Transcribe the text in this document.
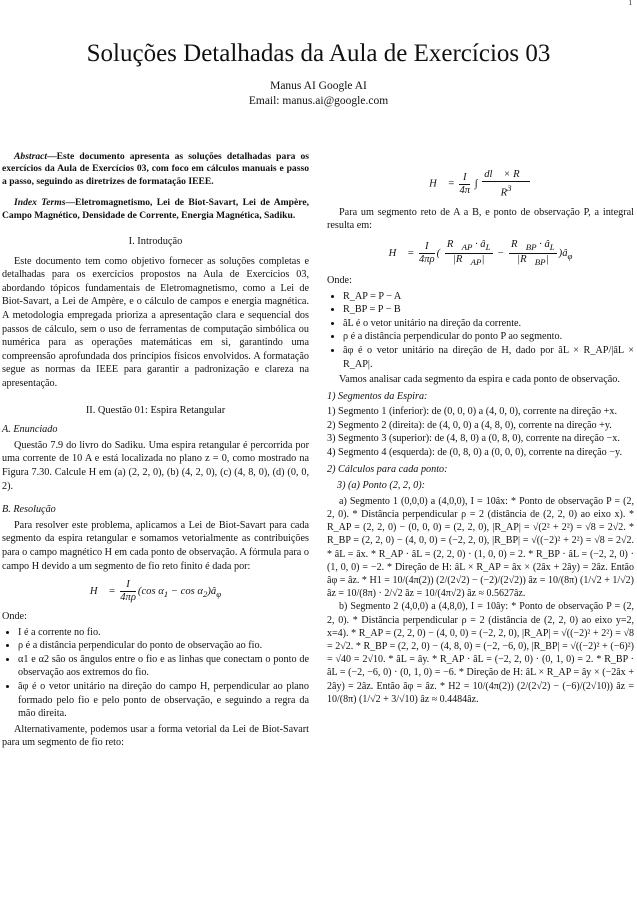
1
Soluções Detalhadas da Aula de Exercícios 03
Manus AI Google AI
Email: manus.ai@google.com

Abstract—Este documento apresenta as soluções detalhadas para os exercícios da Aula de Exercícios 03, com foco em cálculos manuais e passo a passo, seguindo as diretrizes de formatação IEEE.

Index Terms—Eletromagnetismo, Lei de Biot-Savart, Lei de Ampère, Campo Magnético, Densidade de Corrente, Energia Magnética, Sadiku.

I. Introdução

Este documento tem como objetivo fornecer as soluções completas e detalhadas para os exercícios propostos na Aula de Exercícios 03, abordando tópicos fundamentais de Eletromagnetismo, como a Lei de Biot-Savart, a Lei de Ampère, e o cálculo de campos e energia magnética. A metodologia empregada prioriza a apresentação clara e sequencial dos passos de cálculo, sem o uso de ferramentas de computação simbólica ou numérica para as operações matemáticas em si, garantindo uma compreensão aprofundada dos princípios físicos envolvidos. A formatação segue as normas da IEEE para garantir a padronização e clareza na apresentação.

II. Questão 01: Espira Retangular
A. Enunciado

Questão 7.9 do livro do Sadiku. Uma espira retangular é percorrida por uma corrente de 10 A e está localizada no plano z = 0, como mostrado na Figura 7.30. Calcule H em (a) (2, 2, 0), (b) (4, 2, 0), (c) (4, 8, 0), (d) (0, 0, 2).

B. Resolução

Para resolver este problema, aplicamos a Lei de Biot-Savart para cada segmento da espira retangular e somamos vetorialmente as contribuições para o campo magnético H em cada ponto de observação. A fórmula para o campo H devido a um segmento de fio reto finito é dada por:

H⃗ = $\frac{I}{4\pi\rho} (\cos$ $\alpha_1 - \cos$ $\alpha_2)â_\varphi$

Onde:

• I é a corrente no fio.
• ρ é a distância perpendicular do ponto de observação ao fio.
• α1 e α2 são os ângulos entre o fio e as linhas que conectam o ponto de observação aos extremos do fio.
• âφ é o vetor unitário na direção do campo H, perpendicular ao plano formado pelo fio e pelo ponto de observação, e seguindo a regra da mão direita.

Alternativamente, podemos usar a forma vetorial da Lei de Biot-Savart para um segmento de fio reto:

H⃗ = $\frac{I}{4\pi}$ ∫ $\frac{dl⃗ \times R⃗}{R^3}$

Para um segmento reto de A a B, e ponto de observação P, a integral resulta em:

H⃗ = $\frac{I}{4\pi\rho}$ ( $\frac{R⃗_{AP} \cdot â_L}{|R⃗_{AP}|} - \frac{R⃗_{BP} \cdot â_L}{|R⃗_{BP}|}$ )$â_\varphi$

Onde:

• R_AP = P − A
• R_BP = P − B
• âL é o vetor unitário na direção da corrente.
• ρ é a distância perpendicular do ponto P ao segmento.
• âφ é o vetor unitário na direção de H, dado por âL × R_AP/|âL × R_AP|.

Vamos analisar cada segmento da espira e cada ponto de observação.

1) Segmentos da Espira:
1) Segmento 1 (inferior): de (0, 0, 0) a (4, 0, 0), corrente na direção +x.
2) Segmento 2 (direita): de (4, 0, 0) a (4, 8, 0), corrente na direção +y.
3) Segmento 3 (superior): de (4, 8, 0) a (0, 8, 0), corrente na direção −x.
4) Segmento 4 (esquerda): de (0, 8, 0) a (0, 0, 0), corrente na direção −y.
2) Cálculos para cada ponto:
3) (a) Ponto (2, 2, 0):

a) Segmento 1 (0,0,0) a (4,0,0), I = 10âx: * Ponto de observação P = (2, 2, 0). * Distância perpendicular ρ = 2 (distância de (2, 2, 0) ao eixo x). * R_AP = (2, 2, 0) − (0, 0, 0) = (2, 2, 0), |R_AP| = √(2² + 2²) = √8 = 2√2. * R_BP = (2, 2, 0) − (4, 0, 0) = (−2, 2, 0), |R_BP| = √((−2)² + 2²) = √8 = 2√2. * âL = âx. * R_AP · âL = (2, 2, 0) · (1, 0, 0) = 2. * R_BP · âL = (−2, 2, 0) · (1, 0, 0) = −2. * Direção de H: âL × R_AP = âx × (2âx + 2ây) = 2âz. Então âφ = âz. * H1 = 10/(4π(2)) (2/(2√2) − (−2)/(2√2)) âz = 10/(8π) (1/√2 + 1/√2) âz = 10/(8π) · 2/√2 âz = 10/(4π√2) âz ≈ 0.5627âz.

b) Segmento 2 (4,0,0) a (4,8,0), I = 10ây: * Ponto de observação P = (2, 2, 0). * Distância perpendicular ρ = 2 (distância de (2, 2, 0) ao eixo y=2, x=4). * R_AP = (2, 2, 0) − (4, 0, 0) = (−2, 2, 0), |R_AP| = √((−2)² + 2²) = √8 = 2√2. * R_BP = (2, 2, 0) − (4, 8, 0) = (−2, −6, 0), |R_BP| = √((−2)² + (−6)²) = √40 = 2√10. * âL = ây. * R_AP · âL = (−2, 2, 0) · (0, 1, 0) = 2. * R_BP · âL = (−2, −6, 0) · (0, 1, 0) = −6. * Direção de H: âL × R_AP = ây × (−2âx + 2ây) = 2âz. Então âφ = âz. * H2 = 10/(4π(2)) (2/(2√2) − (−6)/(2√10)) âz = 10/(8π) (1/√2 + 3/√10) âz ≈ 0.4484âz.
